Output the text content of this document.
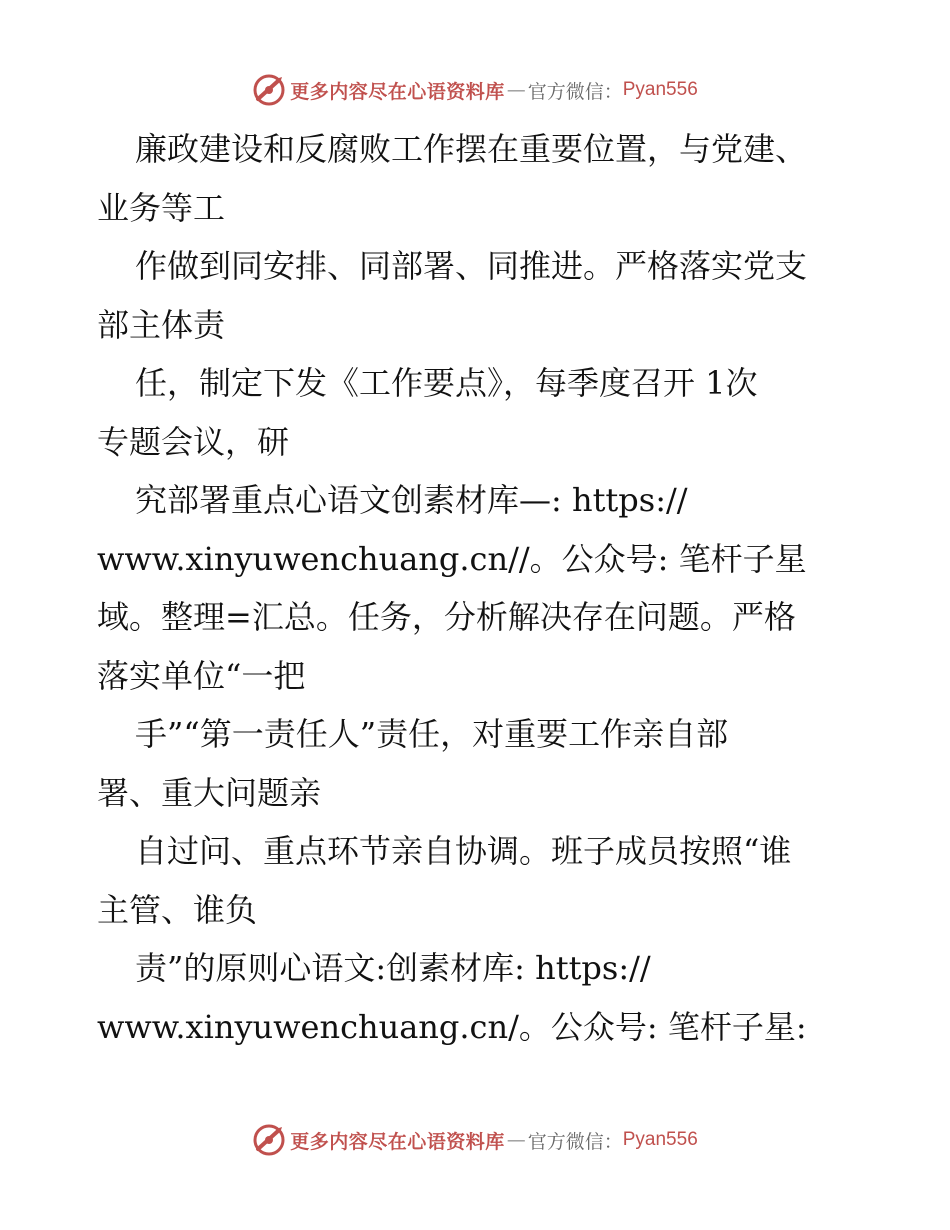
更多内容尽在心语资料库 — 官方微信： Pyan556
廉政建设和反腐败工作摆在重要位置，与党建、
业务等工
作做到同安排、同部署、同推进。严格落实党支
部主体责
任，制定下发《工作要点》，每季度召开 1次
专题会议，研
究部署重点心语文创素材库—: https://
www.xinyuwenchuang.cn//。公众号: 笔杆子星
域。整理=汇总。任务，分析解决存在问题。严格
落实单位“一把
手”“第一责任人”责任，对重要工作亲自部
署、重大问题亲
自过问、重点环节亲自协调。班子成员按照“谁
主管、谁负
责”的原则心语文:创素材库: https://
www.xinyuwenchuang.cn/。公众号: 笔杆子星:
更多内容尽在心语资料库 — 官方微信： Pyan556
